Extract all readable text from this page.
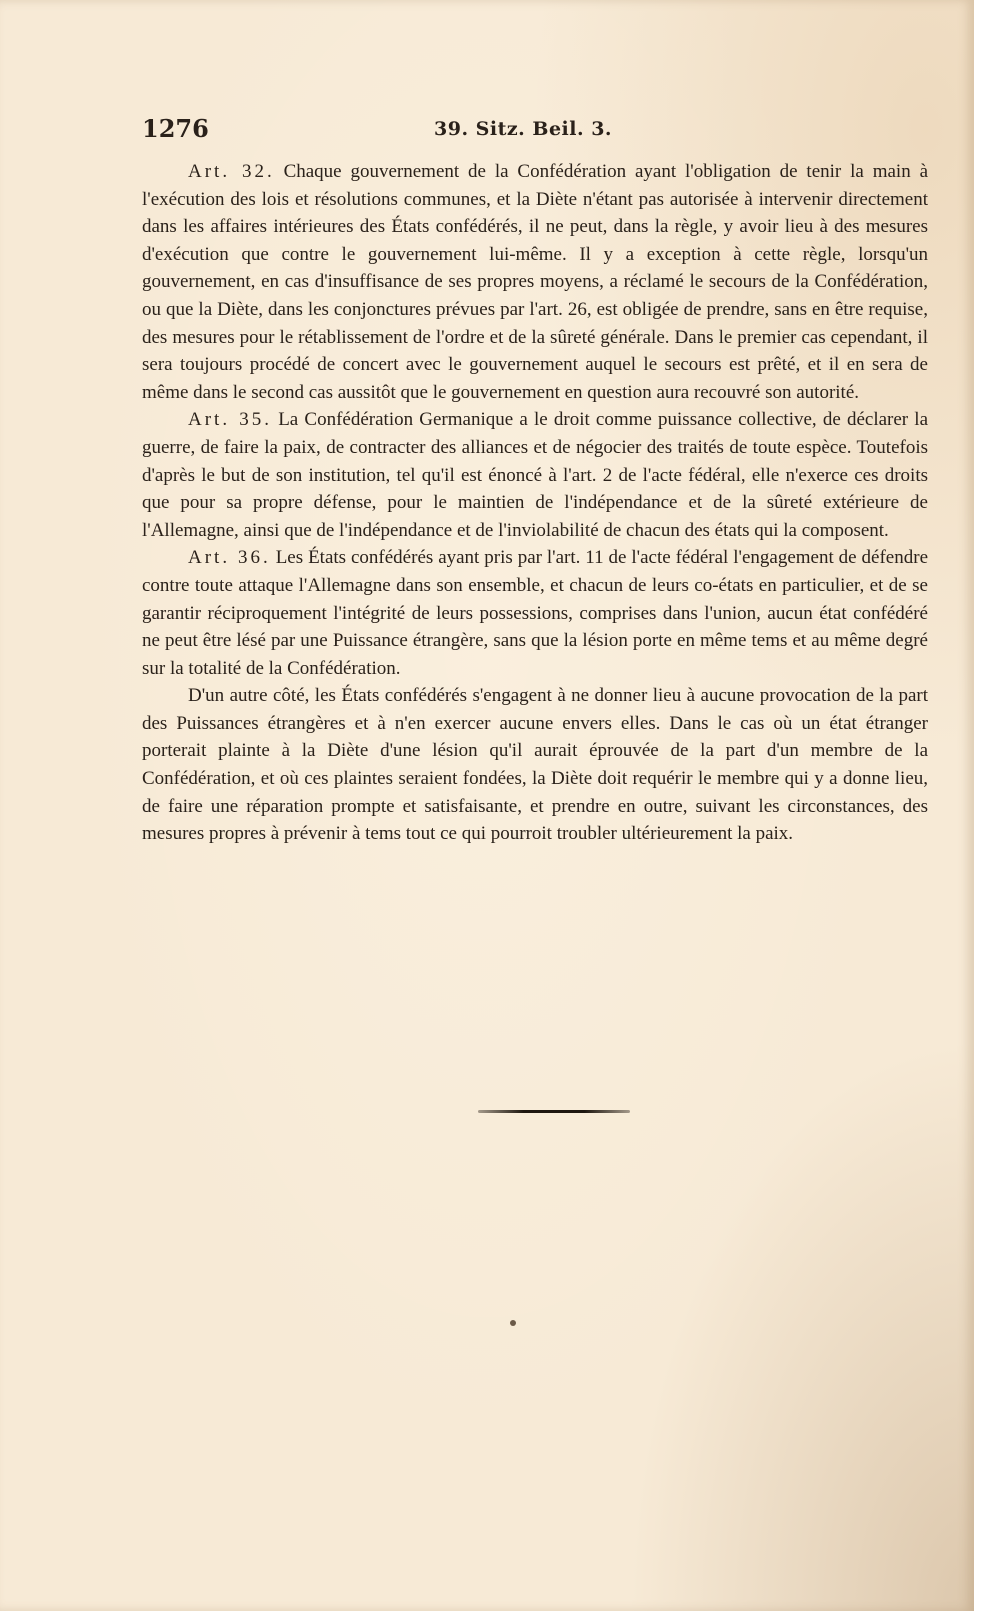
1276	39. Sitz. Beil. 3.

Art. 32. Chaque gouvernement de la Confédération ayant l'obligation de tenir la main à l'exécution des lois et résolutions communes, et la Diète n'étant pas autorisée à intervenir directement dans les affaires intérieures des États confédérés, il ne peut, dans la règle, y avoir lieu à des mesures d'exécution que contre le gouvernement lui-même. Il y a exception à cette règle, lorsqu'un gouvernement, en cas d'insuffisance de ses propres moyens, a réclamé le secours de la Confédération, ou que la Diète, dans les conjonctures prévues par l'art. 26, est obligée de prendre, sans en être requise, des mesures pour le rétablissement de l'ordre et de la sûreté générale. Dans le premier cas cependant, il sera toujours procédé de concert avec le gouvernement auquel le secours est prêté, et il en sera de même dans le second cas aussitôt que le gouvernement en question aura recouvré son autorité.

Art. 35. La Confédération Germanique a le droit comme puissance collective, de déclarer la guerre, de faire la paix, de contracter des alliances et de négocier des traités de toute espèce. Toutefois d'après le but de son institution, tel qu'il est énoncé à l'art. 2 de l'acte fédéral, elle n'exerce ces droits que pour sa propre défense, pour le maintien de l'indépendance et de la sûreté extérieure de l'Allemagne, ainsi que de l'indépendance et de l'inviolabilité de chacun des états qui la composent.

Art. 36. Les États confédérés ayant pris par l'art. 11 de l'acte fédéral l'engagement de défendre contre toute attaque l'Allemagne dans son ensemble, et chacun de leurs co-états en particulier, et de se garantir réciproquement l'intégrité de leurs possessions, comprises dans l'union, aucun état confédéré ne peut être lésé par une Puissance étrangère, sans que la lésion porte en même tems et au même degré sur la totalité de la Confédération.

D'un autre côté, les États confédérés s'engagent à ne donner lieu à aucune provocation de la part des Puissances étrangères et à n'en exercer aucune envers elles. Dans le cas où un état étranger porterait plainte à la Diète d'une lésion qu'il aurait éprouvée de la part d'un membre de la Confédération, et où ces plaintes seraient fondées, la Diète doit requérir le membre qui y a donne lieu, de faire une réparation prompte et satisfaisante, et prendre en outre, suivant les circonstances, des mesures propres à prévenir à tems tout ce qui pourroit troubler ultérieurement la paix.
